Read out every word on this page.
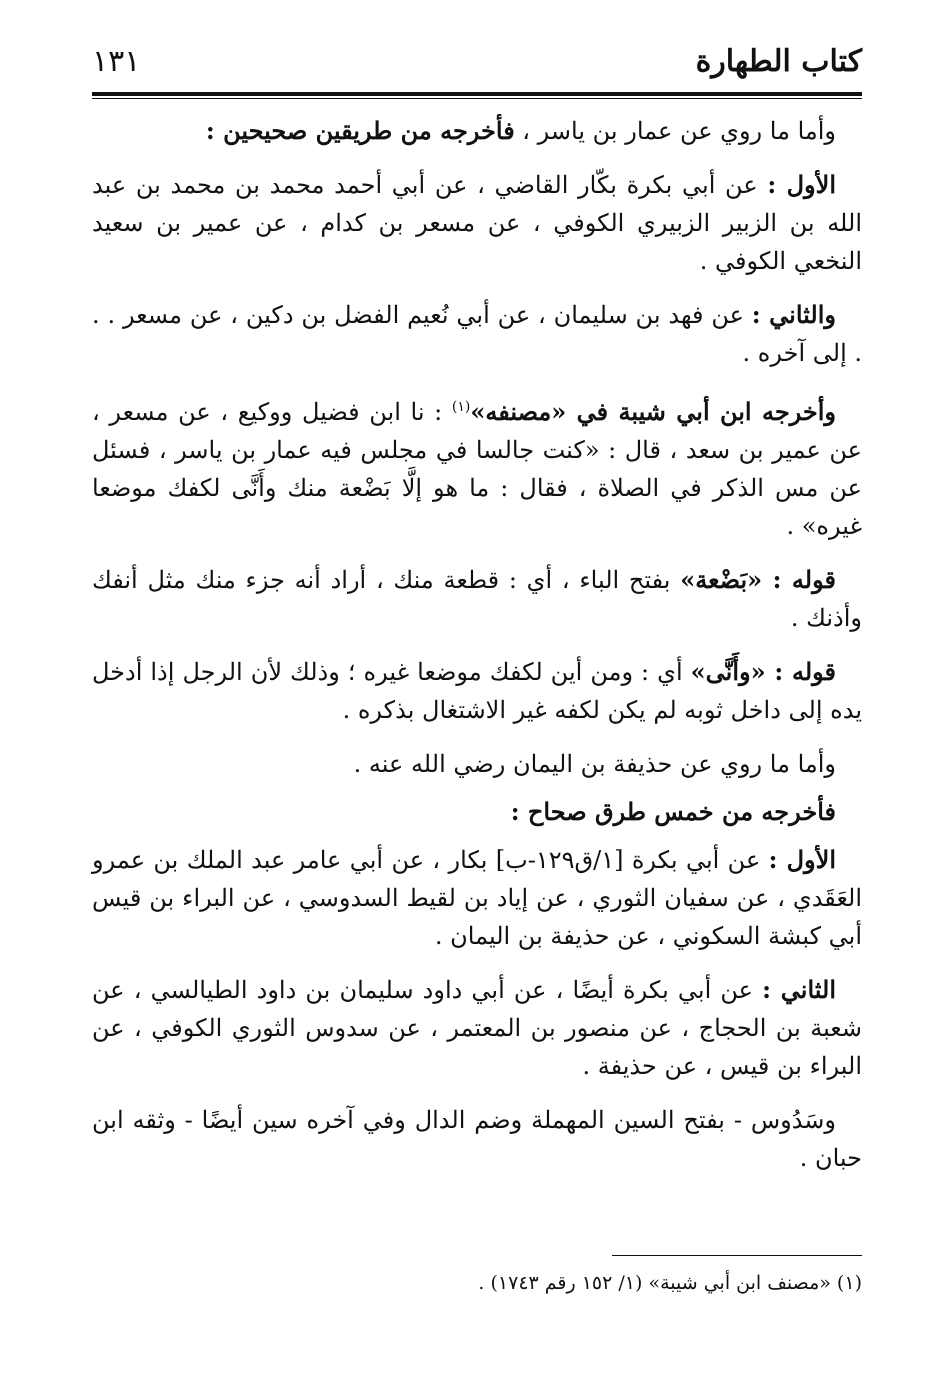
كتاب الطهارة
١٣١

وأما ما روي عن عمار بن ياسر ، فأخرجه من طريقين صحيحين :

الأول : عن أبي بكرة بكّار القاضي ، عن أبي أحمد محمد بن محمد بن عبد الله بن الزبير الزبيري الكوفي ، عن مسعر بن كدام ، عن عمير بن سعيد النخعي الكوفي .

والثاني : عن فهد بن سليمان ، عن أبي نُعيم الفضل بن دكين ، عن مسعر . . . إلى آخره .

وأخرجه ابن أبي شيبة في «مصنفه»$^{(١)}$ : نا ابن فضيل ووكيع ، عن مسعر ، عن عمير بن سعد ، قال : «كنت جالسا في مجلس فيه عمار بن ياسر ، فسئل عن مس الذكر في الصلاة ، فقال : ما هو إلَّا بَضْعة منك وأَنَّى لكفك موضعا غيره» .

قوله : «بَضْعة» بفتح الباء ، أي : قطعة منك ، أراد أنه جزء منك مثل أنفك وأذنك .

قوله : «وأَنَّى» أي : ومن أين لكفك موضعا غيره ؛ وذلك لأن الرجل إذا أدخل يده إلى داخل ثوبه لم يكن لكفه غير الاشتغال بذكره .

وأما ما روي عن حذيفة بن اليمان رضي الله عنه .

فأخرجه من خمس طرق صحاح :

الأول : عن أبي بكرة [١/ق١٢٩-ب] بكار ، عن أبي عامر عبد الملك بن عمرو العَقَدي ، عن سفيان الثوري ، عن إياد بن لقيط السدوسي ، عن البراء بن قيس أبي كبشة السكوني ، عن حذيفة بن اليمان .

الثاني : عن أبي بكرة أيضًا ، عن أبي داود سليمان بن داود الطيالسي ، عن شعبة بن الحجاج ، عن منصور بن المعتمر ، عن سدوس الثوري الكوفي ، عن البراء بن قيس ، عن حذيفة .

وسَدُوس - بفتح السين المهملة وضم الدال وفي آخره سين أيضًا - وثقه ابن حبان .

(١) «مصنف ابن أبي شيبة» (١/ ١٥٢ رقم ١٧٤٣) .
